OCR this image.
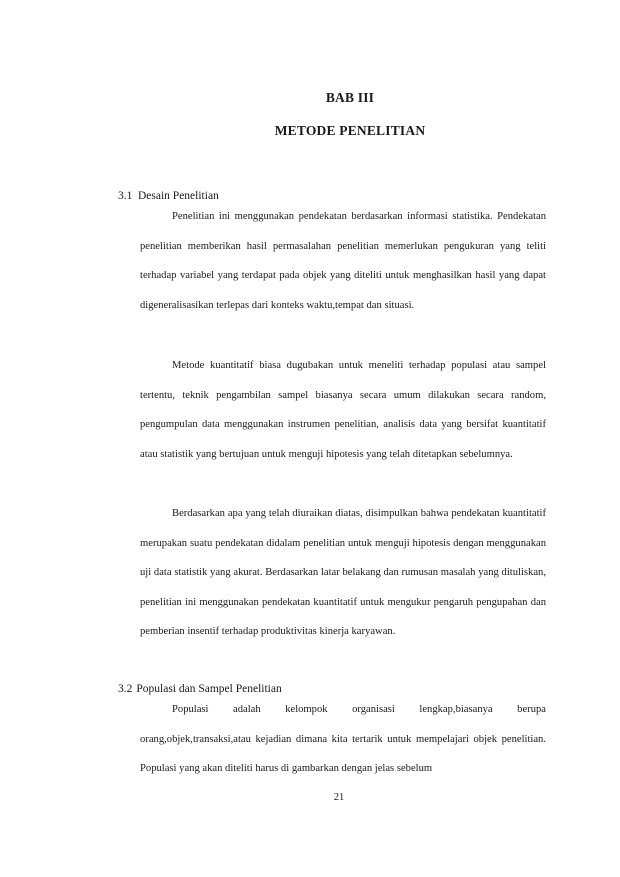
BAB III
METODE PENELITIAN
3.1 Desain Penelitian

Penelitian ini menggunakan pendekatan berdasarkan informasi statistika. Pendekatan penelitian memberikan hasil permasalahan penelitian memerlukan pengukuran yang teliti terhadap variabel yang terdapat pada objek yang diteliti untuk menghasilkan hasil yang dapat digeneralisasikan terlepas dari konteks waktu,tempat dan situasi.

Metode kuantitatif biasa dugubakan untuk meneliti terhadap populasi atau sampel tertentu, teknik pengambilan sampel biasanya secara umum dilakukan secara random, pengumpulan data menggunakan instrumen penelitian, analisis data yang bersifat kuantitatif atau statistik yang bertujuan untuk menguji hipotesis yang telah ditetapkan sebelumnya.

Berdasarkan apa yang telah diuraikan diatas, disimpulkan bahwa pendekatan kuantitatif merupakan suatu pendekatan didalam penelitian untuk menguji hipotesis dengan menggunakan uji data statistik yang akurat. Berdasarkan latar belakang dan rumusan masalah yang dituliskan, penelitian ini menggunakan pendekatan kuantitatif untuk mengukur pengaruh pengupahan dan pemberian insentif terhadap produktivitas kinerja karyawan.

3.2 Populasi dan Sampel Penelitian

Populasi adalah kelompok organisasi lengkap,biasanya berupa orang,objek,transaksi,atau kejadian dimana kita tertarik untuk mempelajari objek penelitian. Populasi yang akan diteliti harus di gambarkan dengan jelas sebelum

21
